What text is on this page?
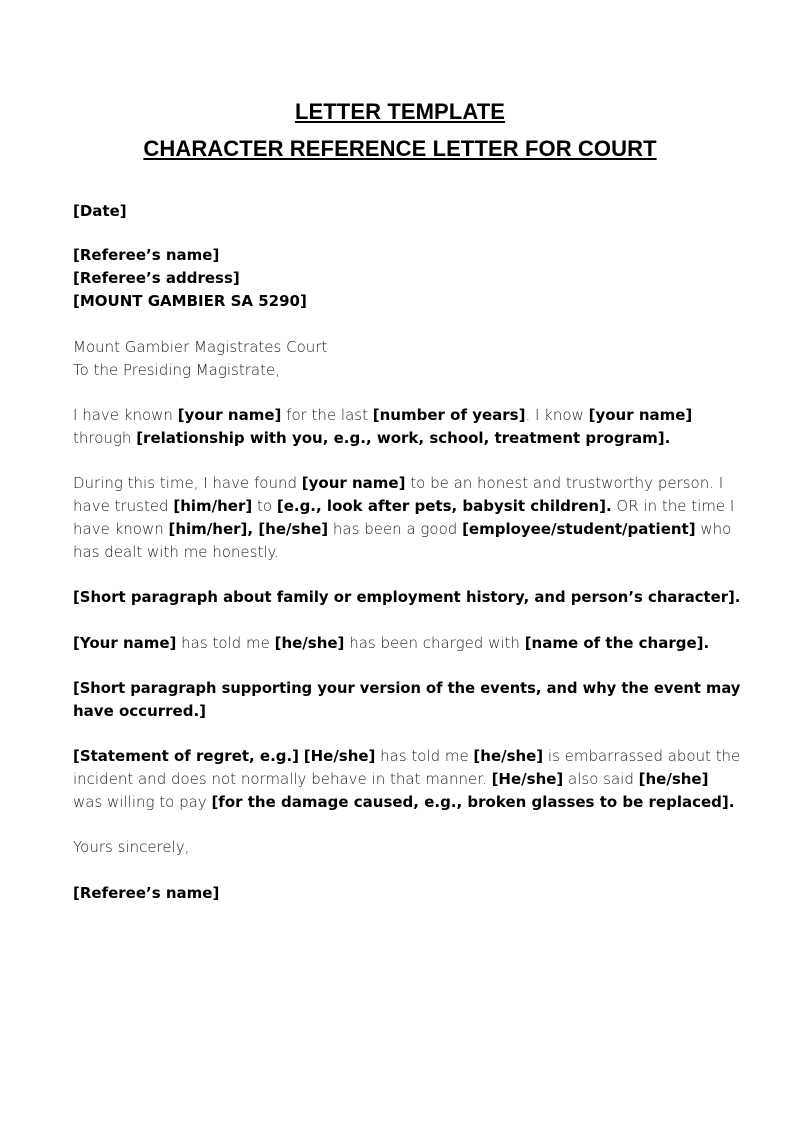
LETTER TEMPLATE
CHARACTER REFERENCE LETTER FOR COURT
[Date]
[Referee’s name]
[Referee’s address]
[MOUNT GAMBIER SA 5290]
Mount Gambier Magistrates Court
To the Presiding Magistrate,
I have known [your name] for the last [number of years]. I know [your name]
through [relationship with you, e.g., work, school, treatment program].
During this time, I have found [your name] to be an honest and trustworthy person. I
have trusted [him/her] to [e.g., look after pets, babysit children]. OR in the time I
have known [him/her], [he/she] has been a good [employee/student/patient] who
has dealt with me honestly.
[Short paragraph about family or employment history, and person’s character].
[Your name] has told me [he/she] has been charged with [name of the charge].
[Short paragraph supporting your version of the events, and why the event may
have occurred.]
[Statement of regret, e.g.] [He/she] has told me [he/she] is embarrassed about the
incident and does not normally behave in that manner. [He/she] also said [he/she]
was willing to pay [for the damage caused, e.g., broken glasses to be replaced].
Yours sincerely,
[Referee’s name]
